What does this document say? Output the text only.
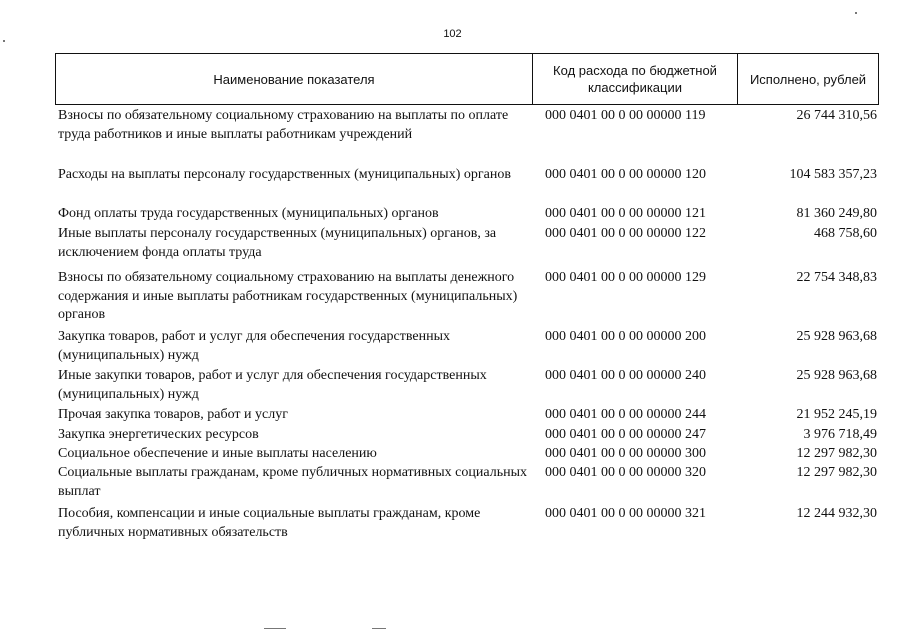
102
Наименование показателя
Код расхода по бюджетной классификации
Исполнено, рублей
Взносы по обязательному социальному страхованию на выплаты по оплате труда работников и иные выплаты работникам учреждений
000 0401 00 0 00 00000 119	26 744 310,56
Расходы на выплаты персоналу государственных (муниципальных) органов	000 0401 00 0 00 00000 120	104 583 357,23
Фонд оплаты труда государственных (муниципальных) органов	000 0401 00 0 00 00000 121	81 360 249,80
Иные выплаты персоналу государственных (муниципальных) органов, за исключением фонда оплаты труда
000 0401 00 0 00 00000 122	468 758,60
Взносы по обязательному социальному страхованию на выплаты денежного содержания и иные выплаты работникам государственных (муниципальных) органов
000 0401 00 0 00 00000 129	22 754 348,83
Закупка товаров, работ и услуг для обеспечения государственных (муниципальных) нужд
000 0401 00 0 00 00000 200	25 928 963,68
Иные закупки товаров, работ и услуг для обеспечения государственных (муниципальных) нужд
000 0401 00 0 00 00000 240	25 928 963,68
Прочая закупка товаров, работ и услуг	000 0401 00 0 00 00000 244	21 952 245,19
Закупка энергетических ресурсов	000 0401 00 0 00 00000 247	3 976 718,49
Социальное обеспечение и иные выплаты населению	000 0401 00 0 00 00000 300	12 297 982,30
Социальные выплаты гражданам, кроме публичных нормативных социальных выплат
000 0401 00 0 00 00000 320	12 297 982,30
Пособия, компенсации и иные социальные выплаты гражданам, кроме публичных нормативных обязательств
000 0401 00 0 00 00000 321	12 244 932,30
